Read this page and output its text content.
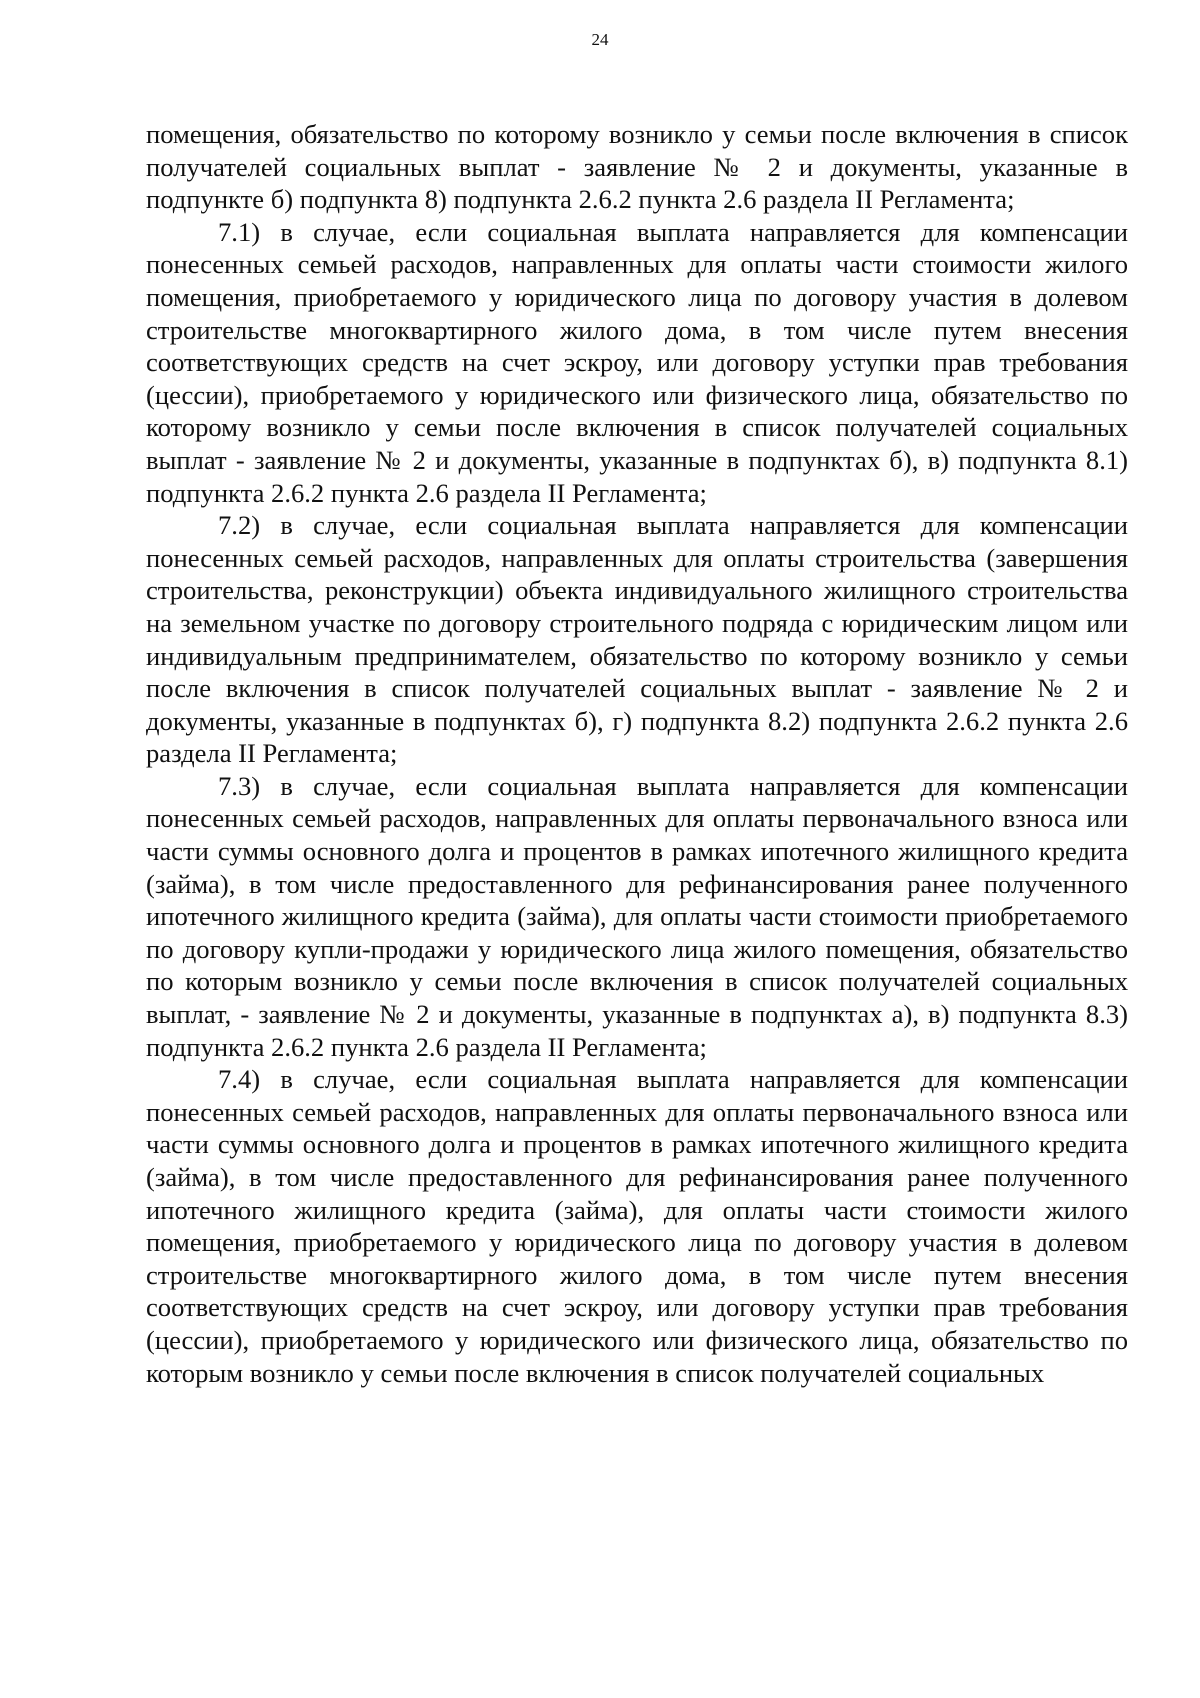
24

помещения, обязательство по которому возникло у семьи после включения в список получателей социальных выплат - заявление № 2 и документы, указанные в подпункте б) подпункта 8) подпункта 2.6.2 пункта 2.6 раздела II Регламента;

7.1) в случае, если социальная выплата направляется для компенсации понесенных семьей расходов, направленных для оплаты части стоимости жилого помещения, приобретаемого у юридического лица по договору участия в долевом строительстве многоквартирного жилого дома, в том числе путем внесения соответствующих средств на счет эскроу, или договору уступки прав требования (цессии), приобретаемого у юридического или физического лица, обязательство по которому возникло у семьи после включения в список получателей социальных выплат - заявление № 2 и документы, указанные в подпунктах б), в) подпункта 8.1) подпункта 2.6.2 пункта 2.6 раздела II Регламента;

7.2) в случае, если социальная выплата направляется для компенсации понесенных семьей расходов, направленных для оплаты строительства (завершения строительства, реконструкции) объекта индивидуального жилищного строительства на земельном участке по договору строительного подряда с юридическим лицом или индивидуальным предпринимателем, обязательство по которому возникло у семьи после включения в список получателей социальных выплат - заявление № 2 и документы, указанные в подпунктах б), г) подпункта 8.2) подпункта 2.6.2 пункта 2.6 раздела II Регламента;

7.3) в случае, если социальная выплата направляется для компенсации понесенных семьей расходов, направленных для оплаты первоначального взноса или части суммы основного долга и процентов в рамках ипотечного жилищного кредита (займа), в том числе предоставленного для рефинансирования ранее полученного ипотечного жилищного кредита (займа), для оплаты части стоимости приобретаемого по договору купли-продажи у юридического лица жилого помещения, обязательство по которым возникло у семьи после включения в список получателей социальных выплат, - заявление № 2 и документы, указанные в подпунктах а), в) подпункта 8.3) подпункта 2.6.2 пункта 2.6 раздела II Регламента;

7.4) в случае, если социальная выплата направляется для компенсации понесенных семьей расходов, направленных для оплаты первоначального взноса или части суммы основного долга и процентов в рамках ипотечного жилищного кредита (займа), в том числе предоставленного для рефинансирования ранее полученного ипотечного жилищного кредита (займа), для оплаты части стоимости жилого помещения, приобретаемого у юридического лица по договору участия в долевом строительстве многоквартирного жилого дома, в том числе путем внесения соответствующих средств на счет эскроу, или договору уступки прав требования (цессии), приобретаемого у юридического или физического лица, обязательство по которым возникло у семьи после включения в список получателей социальных
